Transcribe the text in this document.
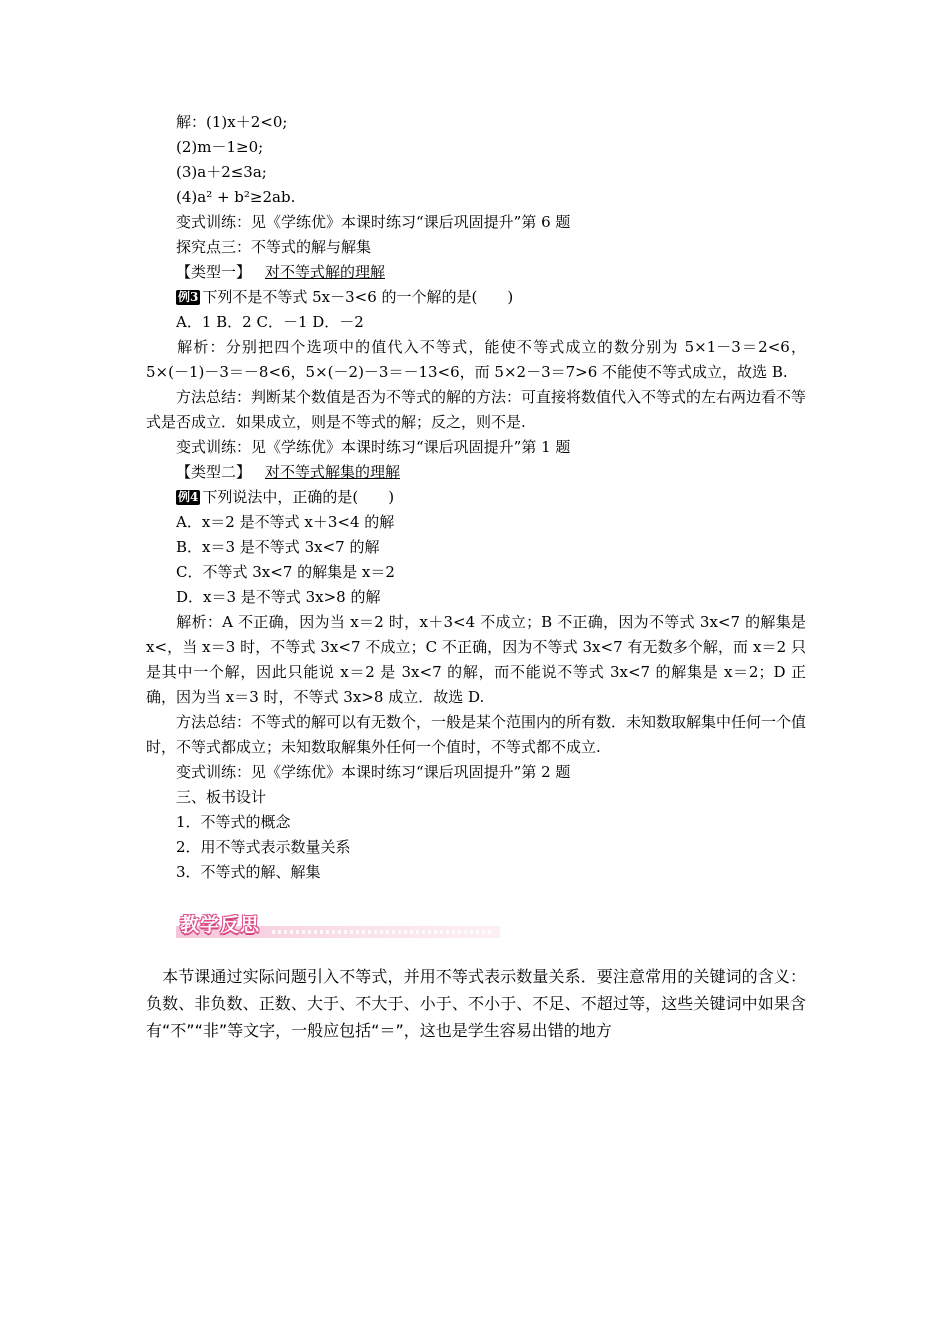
解：(1)x＋2<0;
(2)m－1≥0;
(3)a＋2≤3a;
(4)a² + b²≥2ab.
变式训练：见《学练优》本课时练习“课后巩固提升”第 6 题
探究点三：不等式的解与解集
【类型一】 对不等式解的理解
例3 下列不是不等式 5x－3<6 的一个解的是(　　)
A．1 B．2 C．－1 D．－2
解析：分别把四个选项中的值代入不等式，能使不等式成立的数分别为 5×1－3＝2<6，5×(－1)－3＝－8<6，5×(－2)－3＝－13<6，而 5×2－3＝7>6 不能使不等式成立，故选 B.
方法总结：判断某个数值是否为不等式的解的方法：可直接将数值代入不等式的左右两边看不等式是否成立．如果成立，则是不等式的解；反之，则不是.
变式训练：见《学练优》本课时练习“课后巩固提升”第 1 题
【类型二】 对不等式解集的理解
例4 下列说法中，正确的是(　　)
A．x＝2 是不等式 x＋3<4 的解
B．x＝3 是不等式 3x<7 的解
C．不等式 3x<7 的解集是 x＝2
D．x＝3 是不等式 3x>8 的解
解析：A 不正确，因为当 x＝2 时，x＋3<4 不成立；B 不正确，因为不等式 3x<7 的解集是 x<，当 x＝3 时，不等式 3x<7 不成立；C 不正确，因为不等式 3x<7 有无数多个解，而 x＝2 只是其中一个解，因此只能说 x＝2 是 3x<7 的解，而不能说不等式 3x<7 的解集是 x＝2；D 正确，因为当 x＝3 时，不等式 3x>8 成立．故选 D.
方法总结：不等式的解可以有无数个，一般是某个范围内的所有数．未知数取解集中任何一个值时，不等式都成立；未知数取解集外任何一个值时，不等式都不成立.
变式训练：见《学练优》本课时练习“课后巩固提升”第 2 题
三、板书设计
1．不等式的概念
2．用不等式表示数量关系
3．不等式的解、解集
教学反思
本节课通过实际问题引入不等式，并用不等式表示数量关系．要注意常用的关键词的含义：负数、非负数、正数、大于、不大于、小于、不小于、不足、不超过等，这些关键词中如果含有“不”“非”等文字，一般应包括“＝”，这也是学生容易出错的地方
